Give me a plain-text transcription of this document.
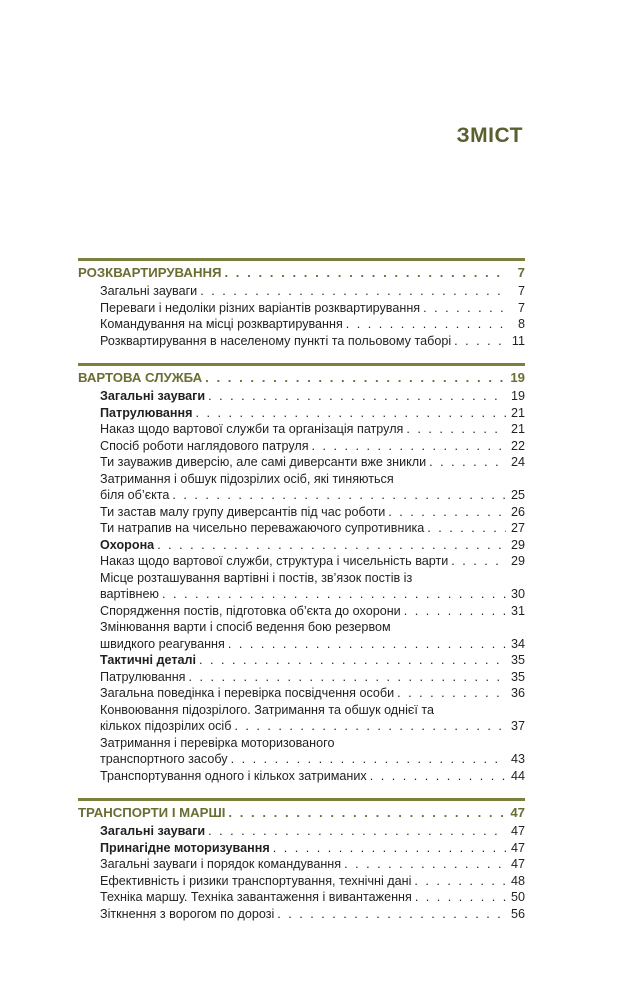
ЗМІСТ
РОЗКВАРТИРУВАННЯ . . .	7
Загальні зауваги . . .	7
Переваги і недоліки різних варіантів розквартирування . . .	7
Командування на місці розквартирування . . .	8
Розквартирування в населеному пункті та польовому таборі . . .	11
ВАРТОВА СЛУЖБА . . .	19
Загальні зауваги . . .	19
Патрулювання . . .	21
Наказ щодо вартової служби та організація патруля . . .	21
Спосіб роботи наглядового патруля . . .	22
Ти зауважив диверсію, але самі диверсанти вже зникли . . .	24
Затримання і обшук підозрілих осіб, які тиняються
біля об’єкта . . .	25
Ти застав малу групу диверсантів під час роботи . . .	26
Ти натрапив на чисельно переважаючого супротивника . . .	27
Охорона . . .	29
Наказ щодо вартової служби, структура і чисельність варти . . .	29
Місце розташування вартівні і постів, зв’язок постів із
вартівнею . . .	30
Спорядження постів, підготовка об’єкта до охорони . . .	31
Змінювання варти і спосіб ведення бою резервом
швидкого реагування . . .	34
Тактичні деталі . . .	35
Патрулювання . . .	35
Загальна поведінка і перевірка посвідчення особи . . .	36
Конвоювання підозрілого. Затримання та обшук однієї та
кількох підозрілих осіб . . .	37
Затримання і перевірка моторизованого
транспортного засобу . . .	43
Транспортування одного і кількох затриманих . . .	44
ТРАНСПОРТИ І МАРШІ . . .	47
Загальні зауваги . . .	47
Принагідне моторизування . . .	47
Загальні зауваги і порядок командування . . .	47
Ефективність і ризики транспортування, технічні дані . . .	48
Техніка маршу. Техніка завантаження і вивантаження . . .	50
Зіткнення з ворогом по дорозі . . .	56
